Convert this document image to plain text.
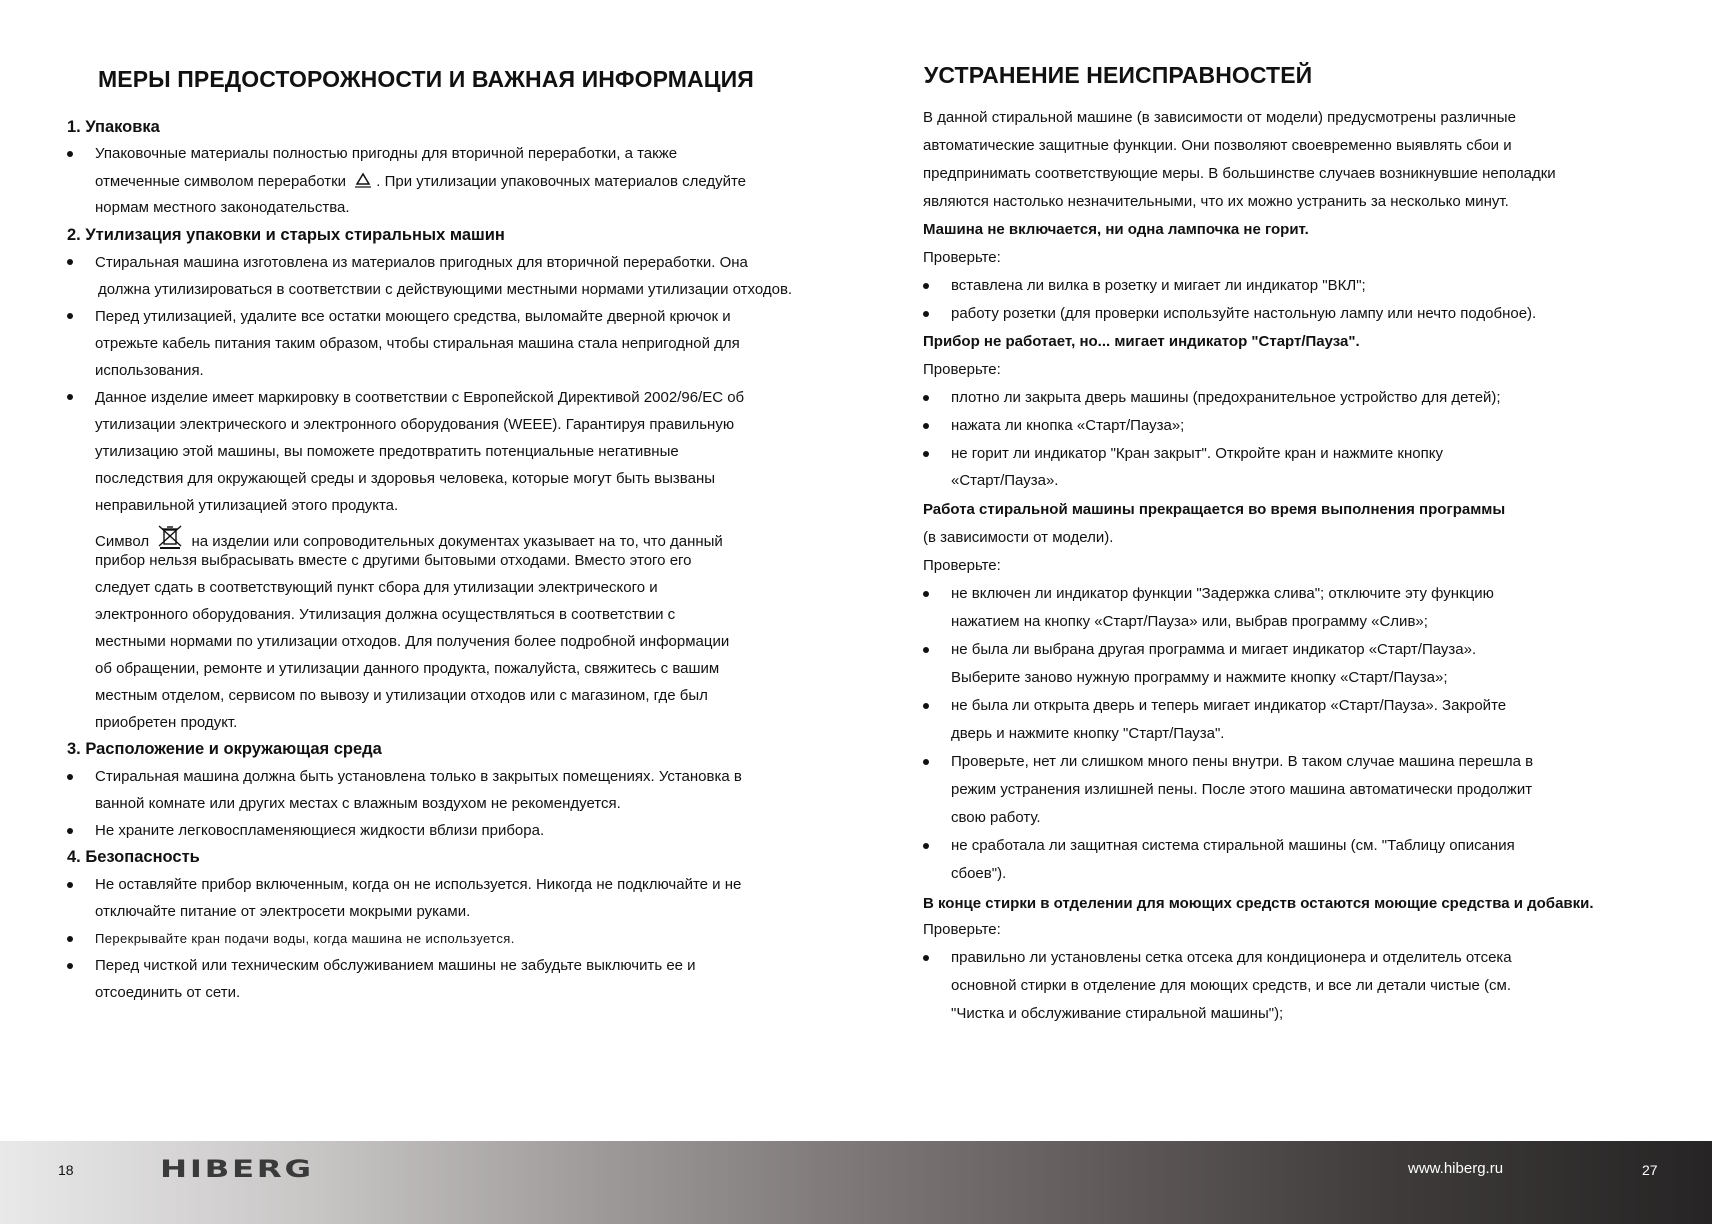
МЕРЫ ПРЕДОСТОРОЖНОСТИ И ВАЖНАЯ ИНФОРМАЦИЯ
1. Упаковка
Упаковочные материалы полностью пригодны для вторичной переработки, а также
отмеченные символом переработки . При утилизации упаковочных материалов следуйте
нормам местного законодательства.
2. Утилизация упаковки и старых стиральных машин
Стиральная машина изготовлена из материалов пригодных для вторичной переработки. Она
должна утилизироваться в соответствии с действующими местными нормами утилизации отходов.
Перед утилизацией, удалите все остатки моющего средства, выломайте дверной крючок и
отрежьте кабель питания таким образом, чтобы стиральная машина стала непригодной для
использования.
Данное изделие имеет маркировку в соответствии с Европейской Директивой 2002/96/EC об
утилизации электрического и электронного оборудования (WEEE). Гарантируя правильную
утилизацию этой машины, вы поможете предотвратить потенциальные негативные
последствия для окружающей среды и здоровья человека, которые могут быть вызваны
неправильной утилизацией этого продукта.
Символ	на изделии или сопроводительных документах указывает на то, что данный
прибор нельзя выбрасывать вместе с другими бытовыми отходами. Вместо этого его
следует сдать в соответствующий пункт сбора для утилизации электрического и
электронного оборудования. Утилизация должна осуществляться в соответствии с
местными нормами по утилизации отходов. Для получения более подробной информации
об обращении, ремонте и утилизации данного продукта, пожалуйста, свяжитесь с вашим
местным отделом, сервисом по вывозу и утилизации отходов или с магазином, где был
приобретен продукт.
3. Расположение и окружающая среда
Стиральная машина должна быть установлена только в закрытых помещениях. Установка в
ванной комнате или других местах с влажным воздухом не рекомендуется.
Не храните легковоспламеняющиеся жидкости вблизи прибора.
4. Безопасность
Не оставляйте прибор включенным, когда он не используется. Никогда не подключайте и не
отключайте питание от электросети мокрыми руками.
Перекрывайте кран подачи воды, когда машина не используется.
Перед чисткой или техническим обслуживанием машины не забудьте выключить ее и
отсоединить от сети.
УСТРАНЕНИЕ НЕИСПРАВНОСТЕЙ
В данной стиральной машине (в зависимости от модели) предусмотрены различные
автоматические защитные функции. Они позволяют своевременно выявлять сбои и
предпринимать соответствующие меры. В большинстве случаев возникнувшие неполадки
являются настолько незначительными, что их можно устранить за несколько минут.
Машина не включается, ни одна лампочка не горит.
Проверьте:
вставлена ли вилка в розетку и мигает ли индикатор "ВКЛ";
работу розетки (для проверки используйте настольную лампу или нечто подобное).
Прибор не работает, но... мигает индикатор "Старт/Пауза".
Проверьте:
плотно ли закрыта дверь машины (предохранительное устройство для детей);
нажата ли кнопка «Старт/Пауза»;
не горит ли индикатор "Кран закрыт". Откройте кран и нажмите кнопку
«Старт/Пауза».
Работа стиральной машины прекращается во время выполнения программы
(в зависимости от модели).
Проверьте:
не включен ли индикатор функции "Задержка слива"; отключите эту функцию
нажатием на кнопку «Старт/Пауза» или, выбрав программу «Слив»;
не была ли выбрана другая программа и мигает индикатор «Старт/Пауза».
Выберите заново нужную программу и нажмите кнопку «Старт/Пауза»;
не была ли открыта дверь и теперь мигает индикатор «Старт/Пауза». Закройте
дверь и нажмите кнопку "Старт/Пауза".
Проверьте, нет ли слишком много пены внутри. В таком случае машина перешла в
режим устранения излишней пены. После этого машина автоматически продолжит
свою работу.
не сработала ли защитная система стиральной машины (см. "Таблицу описания
сбоев").
В конце стирки в отделении для моющих средств остаются моющие средства и добавки.
Проверьте:
правильно ли установлены сетка отсека для кондиционера и отделитель отсека
основной стирки в отделение для моющих средств, и все ли детали чистые (см.
"Чистка и обслуживание стиральной машины");
18	HIBERG	www.hiberg.ru	27
